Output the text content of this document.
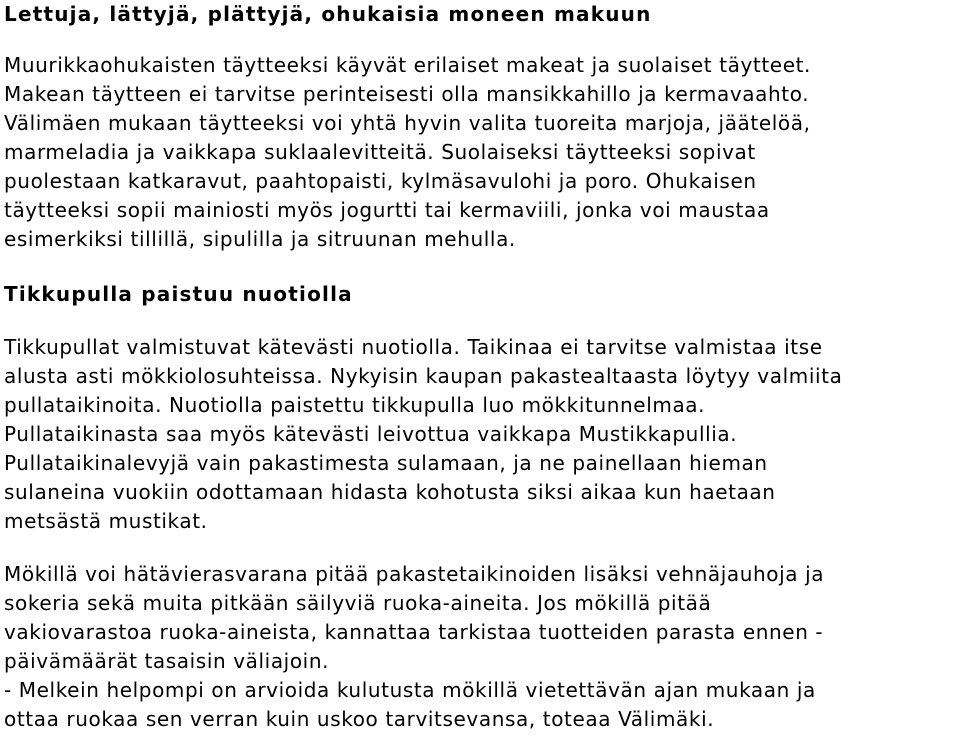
Lettuja, lättyjä, plättyjä, ohukaisia moneen makuun
Muurikkaohukaisten täytteeksi käyvät erilaiset makeat ja suolaiset täytteet.
Makean täytteen ei tarvitse perinteisesti olla mansikkahillo ja kermavaahto.
Välimäen mukaan täytteeksi voi yhtä hyvin valita tuoreita marjoja, jäätelöä,
marmeladia ja vaikkapa suklaalevitteitä. Suolaiseksi täytteeksi sopivat
puolestaan katkaravut, paahtopaisti, kylmäsavulohi ja poro. Ohukaisen
täytteeksi sopii mainiosti myös jogurtti tai kermaviili, jonka voi maustaa
esimerkiksi tillillä, sipulilla ja sitruunan mehulla.
Tikkupulla paistuu nuotiolla
Tikkupullat valmistuvat kätevästi nuotiolla. Taikinaa ei tarvitse valmistaa itse
alusta asti mökkiolosuhteissa. Nykyisin kaupan pakastealtaasta löytyy valmiita
pullataikinoita. Nuotiolla paistettu tikkupulla luo mökkitunnelmaa.
Pullataikinasta saa myös kätevästi leivottua vaikkapa Mustikkapullia.
Pullataikinalevyjä vain pakastimesta sulamaan, ja ne painellaan hieman
sulaneina vuokiin odottamaan hidasta kohotusta siksi aikaa kun haetaan
metsästä mustikat.
Mökillä voi hätävierasvarana pitää pakastetaikinoiden lisäksi vehnäjauhoja ja
sokeria sekä muita pitkään säilyviä ruoka-aineita. Jos mökillä pitää
vakiovarastoa ruoka-aineista, kannattaa tarkistaa tuotteiden parasta ennen -
päivämäärät tasaisin väliajoin.
- Melkein helpompi on arvioida kulutusta mökillä vietettävän ajan mukaan ja
ottaa ruokaa sen verran kuin uskoo tarvitsevansa, toteaa Välimäki.
